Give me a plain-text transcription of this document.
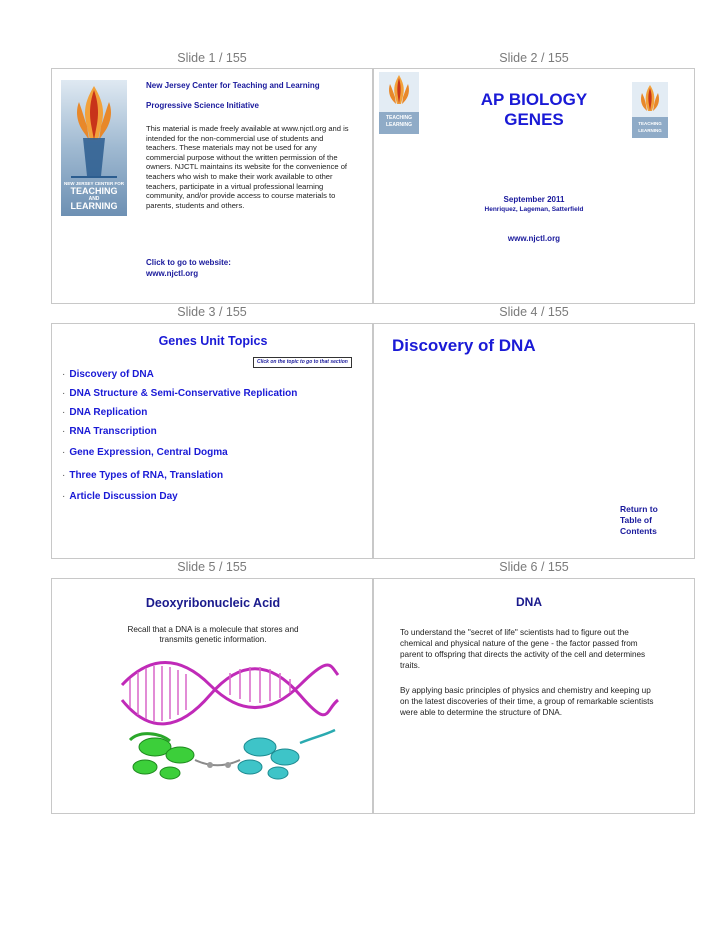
Slide 1 / 155	Slide 2 / 155
Slide 3 / 155	Slide 4 / 155
Slide 5 / 155	Slide 6 / 155
NEW JERSEY CENTER FOR
TEACHING
AND
LEARNING
New Jersey Center for Teaching and Learning
Progressive Science Initiative
This material is made freely available at www.njctl.org and is intended for the non-commercial use of students and teachers. These materials may not be used for any commercial purpose without the written permission of the owners. NJCTL maintains its website for the convenience of teachers who wish to make their work available to other teachers, participate in a virtual professional learning community, and/or provide access to course materials to parents, students and others.
Click to go to website:
www.njctl.org
TEACHING
LEARNING	TEACHING
LEARNING
AP BIOLOGY
GENES
September 2011
Henriquez, Lageman, Satterfield
www.njctl.org
Genes Unit Topics
Click on the topic to go to that section
· Discovery of DNA
· DNA Structure & Semi-Conservative Replication
· DNA Replication
· RNA Transcription
· Gene Expression, Central Dogma
· Three Types of RNA, Translation
· Article Discussion Day
Discovery of DNA
Return to
Table of
Contents
Deoxyribonucleic Acid
Recall that a DNA is a molecule that stores and
transmits genetic information.
DNA
To understand the "secret of life" scientists had to figure out the chemical and physical nature of the gene - the factor passed from parent to offspring that directs the activity of the cell and determines traits.
By applying basic principles of physics and chemistry and keeping up on the latest discoveries of their time, a group of remarkable scientists were able to determine the structure of DNA.
